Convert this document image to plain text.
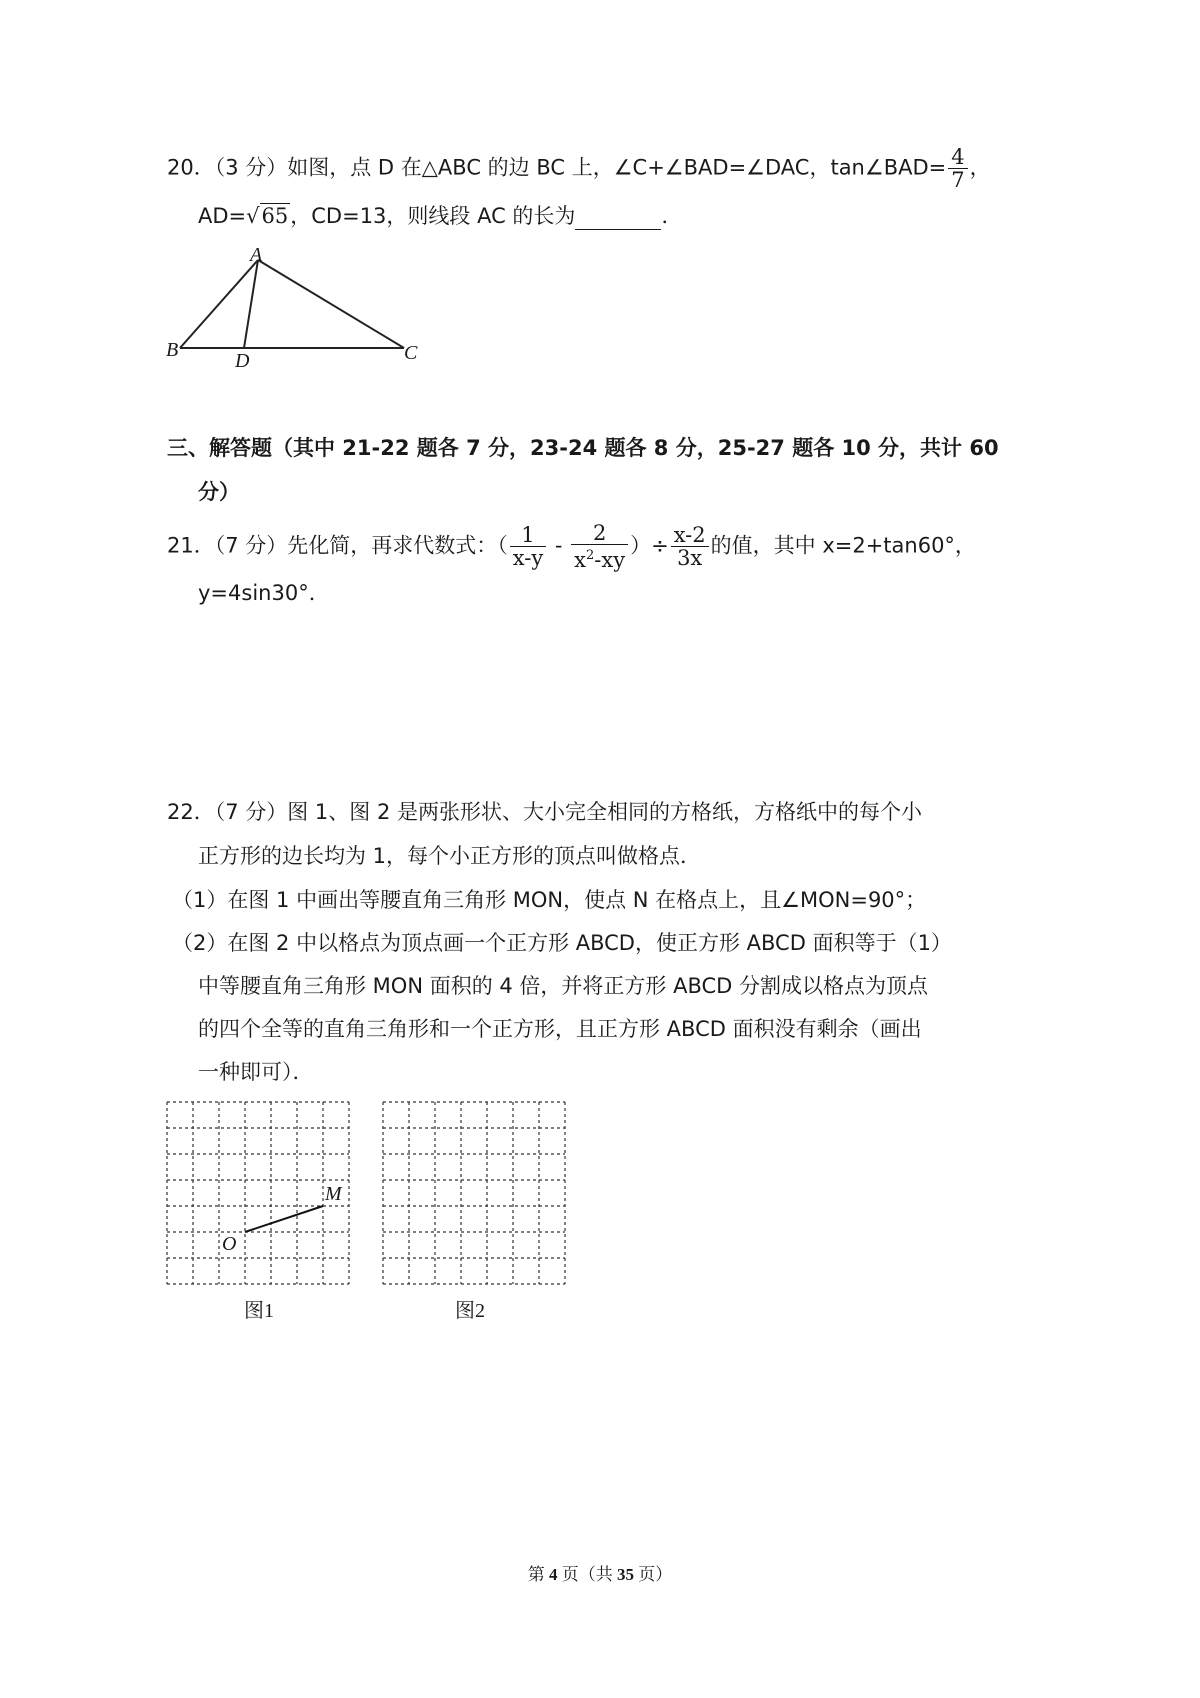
20．（3 分）如图，点 D 在△ABC 的边 BC 上，∠C+∠BAD=∠DAC，tan∠BAD= $\frac{4}{7}$ ，
AD=√65，CD=13，则线段 AC 的长为	．
A
B	D	C
三、解答题（其中 21-22 题各 7 分，23-24 题各 8 分，25-27 题各 10 分，共计 60
分）
21．（7 分）先化简，再求代数式：（ $\frac{1}{x-y} - \frac{2}{x^2-xy}$ ）÷ $\frac{x-2}{3x}$ 的值，其中 x=2+tan60°，
y=4sin30°．
22．（7 分）图 1、图 2 是两张形状、大小完全相同的方格纸，方格纸中的每个小
正方形的边长均为 1，每个小正方形的顶点叫做格点．
（1）在图 1 中画出等腰直角三角形 MON，使点 N 在格点上，且∠MON=90°；
（2）在图 2 中以格点为顶点画一个正方形 ABCD，使正方形 ABCD 面积等于（1）
中等腰直角三角形 MON 面积的 4 倍，并将正方形 ABCD 分割成以格点为顶点
的四个全等的直角三角形和一个正方形，且正方形 ABCD 面积没有剩余（画出
一种即可）．
M
O
图1	图2
第 4 页（共 35 页）
